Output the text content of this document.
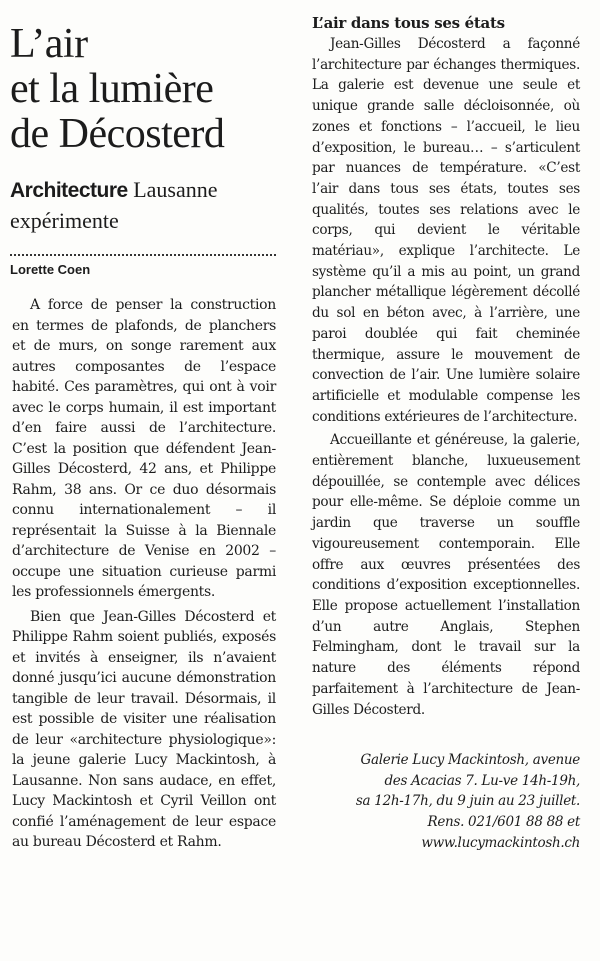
L’air
et la lumière
de Décosterd
Architecture Lausanne expérimente
Lorette Coen

A force de penser la construction en termes de plafonds, de planchers et de murs, on songe rarement aux autres composantes de l’espace habité. Ces paramètres, qui ont à voir avec le corps humain, il est important d’en faire aussi de l’architecture. C’est la position que défendent Jean-Gilles Décosterd, 42 ans, et Philippe Rahm, 38 ans. Or ce duo désormais connu internationalement – il représentait la Suisse à la Biennale d’architecture de Venise en 2002 – occupe une situation curieuse parmi les professionnels émergents.

Bien que Jean-Gilles Décosterd et Philippe Rahm soient publiés, exposés et invités à enseigner, ils n’avaient donné jusqu’ici aucune démonstration tangible de leur travail. Désormais, il est possible de visiter une réalisation de leur «architecture physiologique»: la jeune galerie Lucy Mackintosh, à Lausanne. Non sans audace, en effet, Lucy Mackintosh et Cyril Veillon ont confié l’aménagement de leur espace au bureau Décosterd et Rahm.

L’air dans tous ses états

Jean-Gilles Décosterd a façonné l’architecture par échanges thermiques. La galerie est devenue une seule et unique grande salle décloisonnée, où zones et fonctions – l’accueil, le lieu d’exposition, le bureau… – s’articulent par nuances de température. «C’est l’air dans tous ses états, toutes ses qualités, toutes ses relations avec le corps, qui devient le véritable matériau», explique l’architecte. Le système qu’il a mis au point, un grand plancher métallique légèrement décollé du sol en béton avec, à l’arrière, une paroi doublée qui fait cheminée thermique, assure le mouvement de convection de l’air. Une lumière solaire artificielle et modulable compense les conditions extérieures de l’architecture.

Accueillante et généreuse, la galerie, entièrement blanche, luxueusement dépouillée, se contemple avec délices pour elle-même. Se déploie comme un jardin que traverse un souffle vigoureusement contemporain. Elle offre aux œuvres présentées des conditions d’exposition exceptionnelles. Elle propose actuellement l’installation d’un autre Anglais, Stephen Felmingham, dont le travail sur la nature des éléments répond parfaitement à l’architecture de Jean-Gilles Décosterd.

Galerie Lucy Mackintosh, avenue
des Acacias 7. Lu-ve 14h-19h,
sa 12h-17h, du 9 juin au 23 juillet.
Rens. 021/601 88 88 et
www.lucymackintosh.ch
